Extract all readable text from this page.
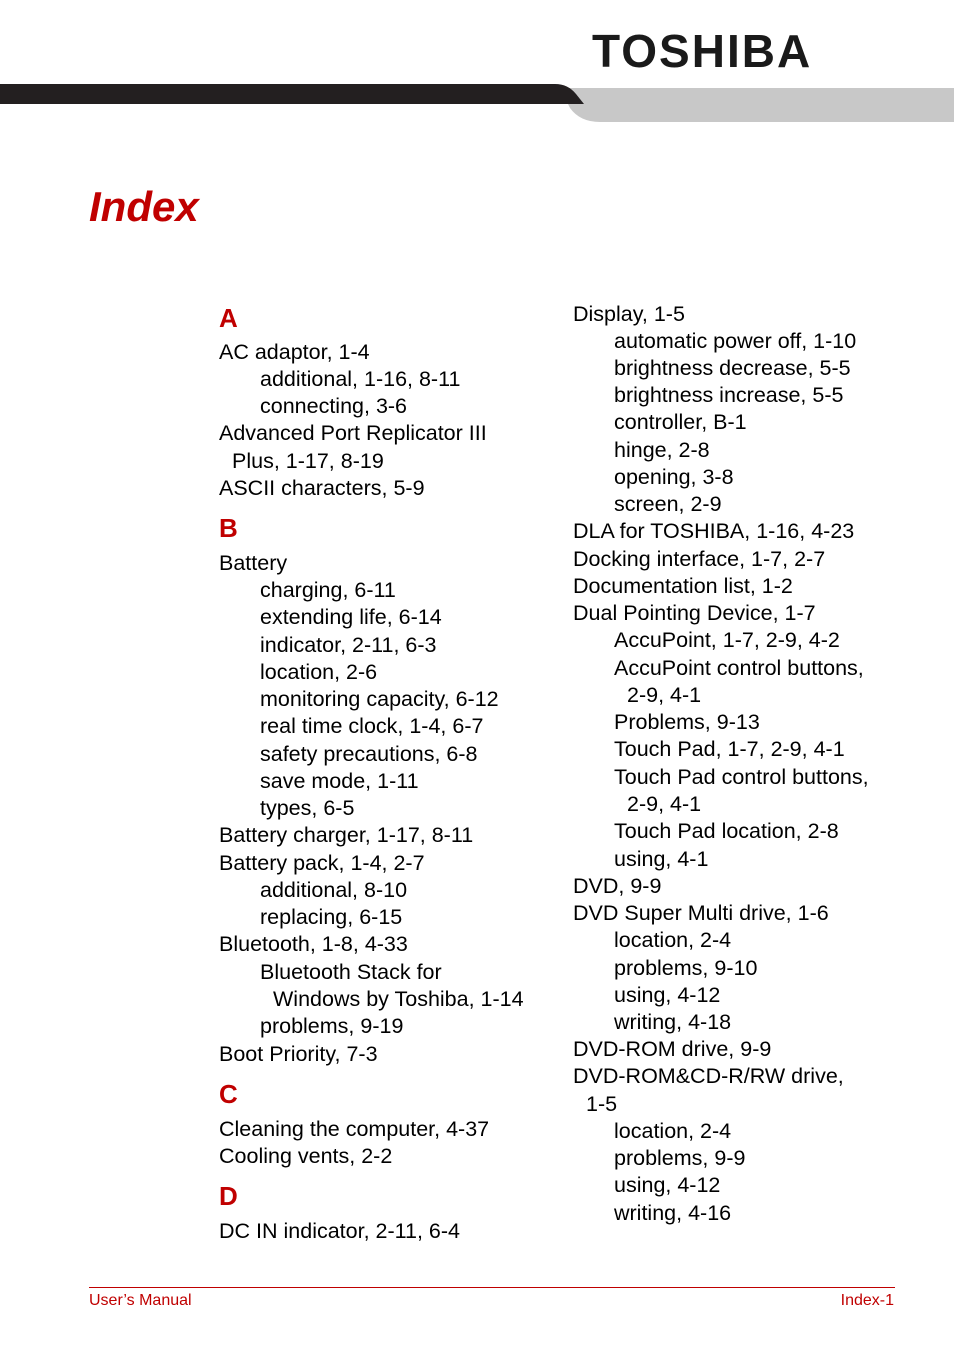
TOSHIBA
Index
A
AC adaptor, 1-4
additional, 1-16, 8-11
connecting, 3-6
Advanced Port Replicator III
Plus, 1-17, 8-19
ASCII characters, 5-9
B
Battery
charging, 6-11
extending life, 6-14
indicator, 2-11, 6-3
location, 2-6
monitoring capacity, 6-12
real time clock, 1-4, 6-7
safety precautions, 6-8
save mode, 1-11
types, 6-5
Battery charger, 1-17, 8-11
Battery pack, 1-4, 2-7
additional, 8-10
replacing, 6-15
Bluetooth, 1-8, 4-33
Bluetooth Stack for
Windows by Toshiba, 1-14
problems, 9-19
Boot Priority, 7-3
C
Cleaning the computer, 4-37
Cooling vents, 2-2
D
DC IN indicator, 2-11, 6-4
Display, 1-5
automatic power off, 1-10
brightness decrease, 5-5
brightness increase, 5-5
controller, B-1
hinge, 2-8
opening, 3-8
screen, 2-9
DLA for TOSHIBA, 1-16, 4-23
Docking interface, 1-7, 2-7
Documentation list, 1-2
Dual Pointing Device, 1-7
AccuPoint, 1-7, 2-9, 4-2
AccuPoint control buttons,
2-9, 4-1
Problems, 9-13
Touch Pad, 1-7, 2-9, 4-1
Touch Pad control buttons,
2-9, 4-1
Touch Pad location, 2-8
using, 4-1
DVD, 9-9
DVD Super Multi drive, 1-6
location, 2-4
problems, 9-10
using, 4-12
writing, 4-18
DVD-ROM drive, 9-9
DVD-ROM&CD-R/RW drive,
1-5
location, 2-4
problems, 9-9
using, 4-12
writing, 4-16
User’s Manual	Index-1
